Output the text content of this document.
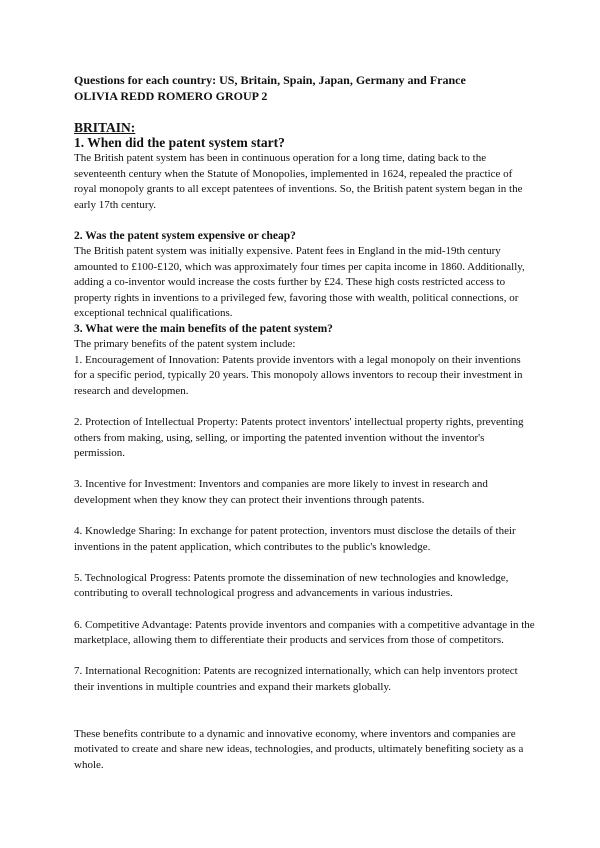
Questions for each country: US, Britain, Spain, Japan, Germany and France
OLIVIA REDD ROMERO GROUP 2
BRITAIN:
1. When did the patent system start?

The British patent system has been in continuous operation for a long time, dating back to the seventeenth century when the Statute of Monopolies, implemented in 1624, repealed the practice of royal monopoly grants to all except patentees of inventions. So, the British patent system began in the early 17th century.

2. Was the patent system expensive or cheap?

The British patent system was initially expensive. Patent fees in England in the mid-19th century amounted to £100-£120, which was approximately four times per capita income in 1860. Additionally, adding a co-inventor would increase the costs further by £24. These high costs restricted access to property rights in inventions to a privileged few, favoring those with wealth, political connections, or exceptional technical qualifications.

3. What were the main benefits of the patent system?

The primary benefits of the patent system include:

1. Encouragement of Innovation: Patents provide inventors with a legal monopoly on their inventions for a specific period, typically 20 years. This monopoly allows inventors to recoup their investment in research and developmen.

2. Protection of Intellectual Property: Patents protect inventors' intellectual property rights, preventing others from making, using, selling, or importing the patented invention without the inventor's permission.

3. Incentive for Investment: Inventors and companies are more likely to invest in research and development when they know they can protect their inventions through patents.

4. Knowledge Sharing: In exchange for patent protection, inventors must disclose the details of their inventions in the patent application, which contributes to the public's knowledge.

5. Technological Progress: Patents promote the dissemination of new technologies and knowledge, contributing to overall technological progress and advancements in various industries.

6. Competitive Advantage: Patents provide inventors and companies with a competitive advantage in the marketplace, allowing them to differentiate their products and services from those of competitors.

7. International Recognition: Patents are recognized internationally, which can help inventors protect their inventions in multiple countries and expand their markets globally.

These benefits contribute to a dynamic and innovative economy, where inventors and companies are motivated to create and share new ideas, technologies, and products, ultimately benefiting society as a whole.
